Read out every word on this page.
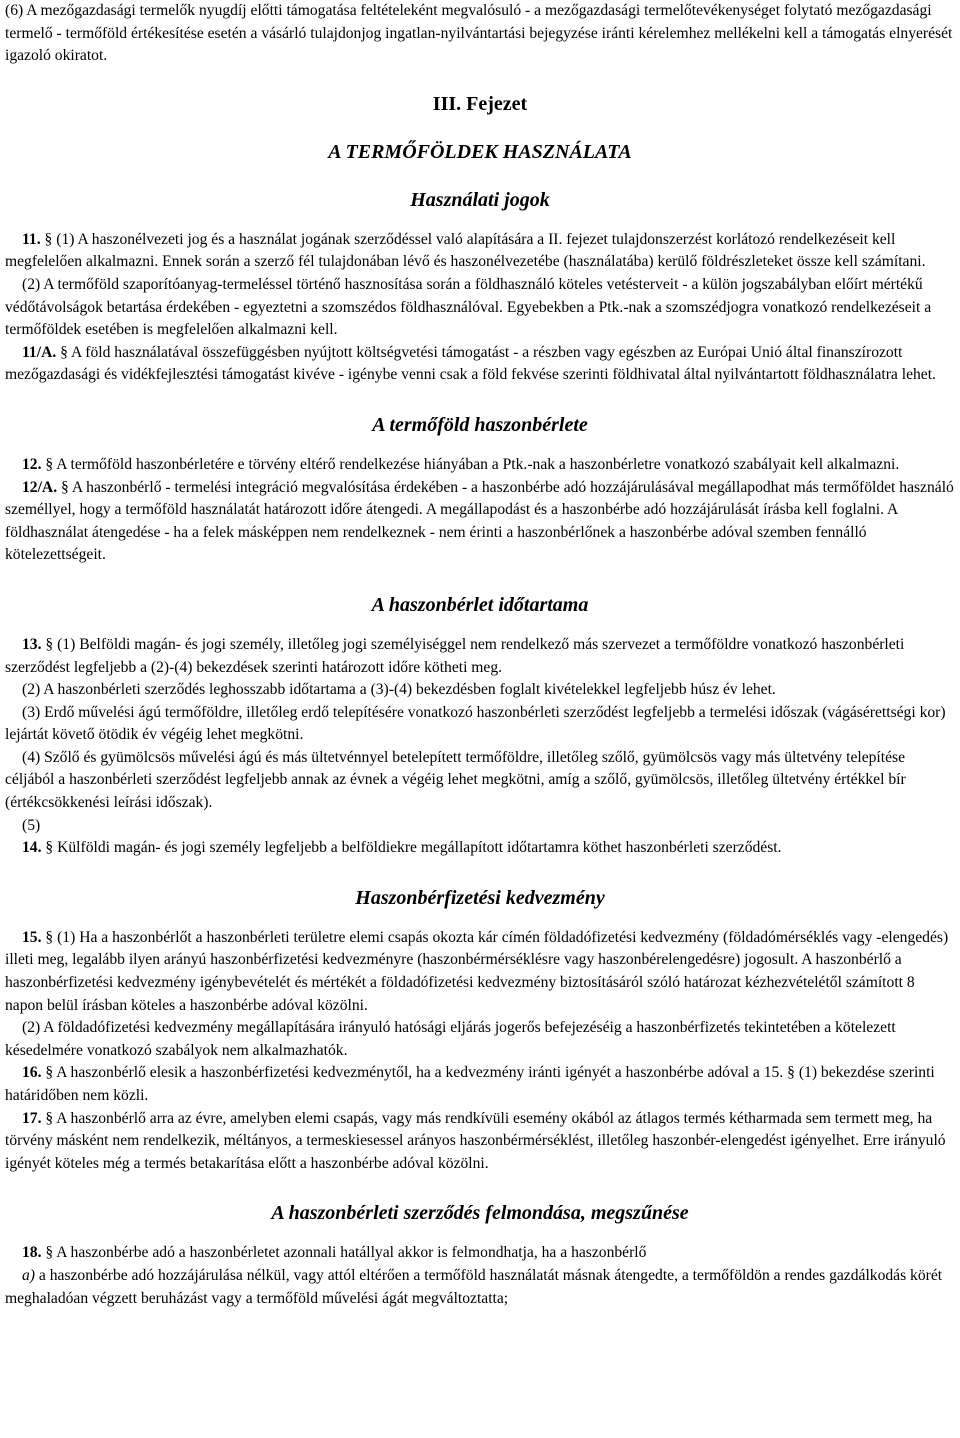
(6) A mezőgazdasági termelők nyugdíj előtti támogatása feltételeként megvalósuló - a mezőgazdasági termelőtevékenységet folytató mezőgazdasági termelő - termőföld értékesítése esetén a vásárló tulajdonjog ingatlan-nyilvántartási bejegyzése iránti kérelemhez mellékelni kell a támogatás elnyerését igazoló okiratot.

III. Fejezet

A TERMŐFÖLDEK HASZNÁLATA

Használati jogok

11. § (1) A haszonélvezeti jog és a használat jogának szerződéssel való alapítására a II. fejezet tulajdonszerzést korlátozó rendelkezéseit kell megfelelően alkalmazni. Ennek során a szerző fél tulajdonában lévő és haszonélvezetébe (használatába) kerülő földrészleteket össze kell számítani.

(2) A termőföld szaporítóanyag-termeléssel történő hasznosítása során a földhasználó köteles vetésterveit - a külön jogszabályban előírt mértékű védőtávolságok betartása érdekében - egyeztetni a szomszédos földhasználóval. Egyebekben a Ptk.-nak a szomszédjogra vonatkozó rendelkezéseit a termőföldek esetében is megfelelően alkalmazni kell.

11/A. § A föld használatával összefüggésben nyújtott költségvetési támogatást - a részben vagy egészben az Európai Unió által finanszírozott mezőgazdasági és vidékfejlesztési támogatást kivéve - igénybe venni csak a föld fekvése szerinti földhivatal által nyilvántartott földhasználatra lehet.

A termőföld haszonbérlete

12. § A termőföld haszonbérletére e törvény eltérő rendelkezése hiányában a Ptk.-nak a haszonbérletre vonatkozó szabályait kell alkalmazni.

12/A. § A haszonbérlő - termelési integráció megvalósítása érdekében - a haszonbérbe adó hozzájárulásával megállapodhat más termőföldet használó személlyel, hogy a termőföld használatát határozott időre átengedi. A megállapodást és a haszonbérbe adó hozzájárulását írásba kell foglalni. A földhasználat átengedése - ha a felek másképpen nem rendelkeznek - nem érinti a haszonbérlőnek a haszonbérbe adóval szemben fennálló kötelezettségeit.

A haszonbérlet időtartama

13. § (1) Belföldi magán- és jogi személy, illetőleg jogi személyiséggel nem rendelkező más szervezet a termőföldre vonatkozó haszonbérleti szerződést legfeljebb a (2)-(4) bekezdések szerinti határozott időre kötheti meg.

(2) A haszonbérleti szerződés leghosszabb időtartama a (3)-(4) bekezdésben foglalt kivételekkel legfeljebb húsz év lehet.

(3) Erdő művelési ágú termőföldre, illetőleg erdő telepítésére vonatkozó haszonbérleti szerződést legfeljebb a termelési időszak (vágásérettségi kor) lejártát követő ötödik év végéig lehet megkötni.

(4) Szőlő és gyümölcsös művelési ágú és más ültetvénnyel betelepített termőföldre, illetőleg szőlő, gyümölcsös vagy más ültetvény telepítése céljából a haszonbérleti szerződést legfeljebb annak az évnek a végéig lehet megkötni, amíg a szőlő, gyümölcsös, illetőleg ültetvény értékkel bír (értékcsökkenési leírási időszak).

(5)

14. § Külföldi magán- és jogi személy legfeljebb a belföldiekre megállapított időtartamra köthet haszonbérleti szerződést.

Haszonbérfizetési kedvezmény

15. § (1) Ha a haszonbérlőt a haszonbérleti területre elemi csapás okozta kár címén földadófizetési kedvezmény (földadómérséklés vagy -elengedés) illeti meg, legalább ilyen arányú haszonbérfizetési kedvezményre (haszonbérmérséklésre vagy haszonbérelengedésre) jogosult. A haszonbérlő a haszonbérfizetési kedvezmény igénybevételét és mértékét a földadófizetési kedvezmény biztosításáról szóló határozat kézhezvételétől számított 8 napon belül írásban köteles a haszonbérbe adóval közölni.

(2) A földadófizetési kedvezmény megállapítására irányuló hatósági eljárás jogerős befejezéséig a haszonbérfizetés tekintetében a kötelezett késedelmére vonatkozó szabályok nem alkalmazhatók.

16. § A haszonbérlő elesik a haszonbérfizetési kedvezménytől, ha a kedvezmény iránti igényét a haszonbérbe adóval a 15. § (1) bekezdése szerinti határidőben nem közli.

17. § A haszonbérlő arra az évre, amelyben elemi csapás, vagy más rendkívüli esemény okából az átlagos termés kétharmada sem termett meg, ha törvény másként nem rendelkezik, méltányos, a termeskiesessel arányos haszonbérmérséklést, illetőleg haszonbér-elengedést igényelhet. Erre irányuló igényét köteles még a termés betakarítása előtt a haszonbérbe adóval közölni.

A haszonbérleti szerződés felmondása, megszűnése

18. § A haszonbérbe adó a haszonbérletet azonnali hatállyal akkor is felmondhatja, ha a haszonbérlő

a) a haszonbérbe adó hozzájárulása nélkül, vagy attól eltérően a termőföld használatát másnak átengedte, a termőföldön a rendes gazdálkodás körét meghaladóan végzett beruházást vagy a termőföld művelési ágát megváltoztatta;
